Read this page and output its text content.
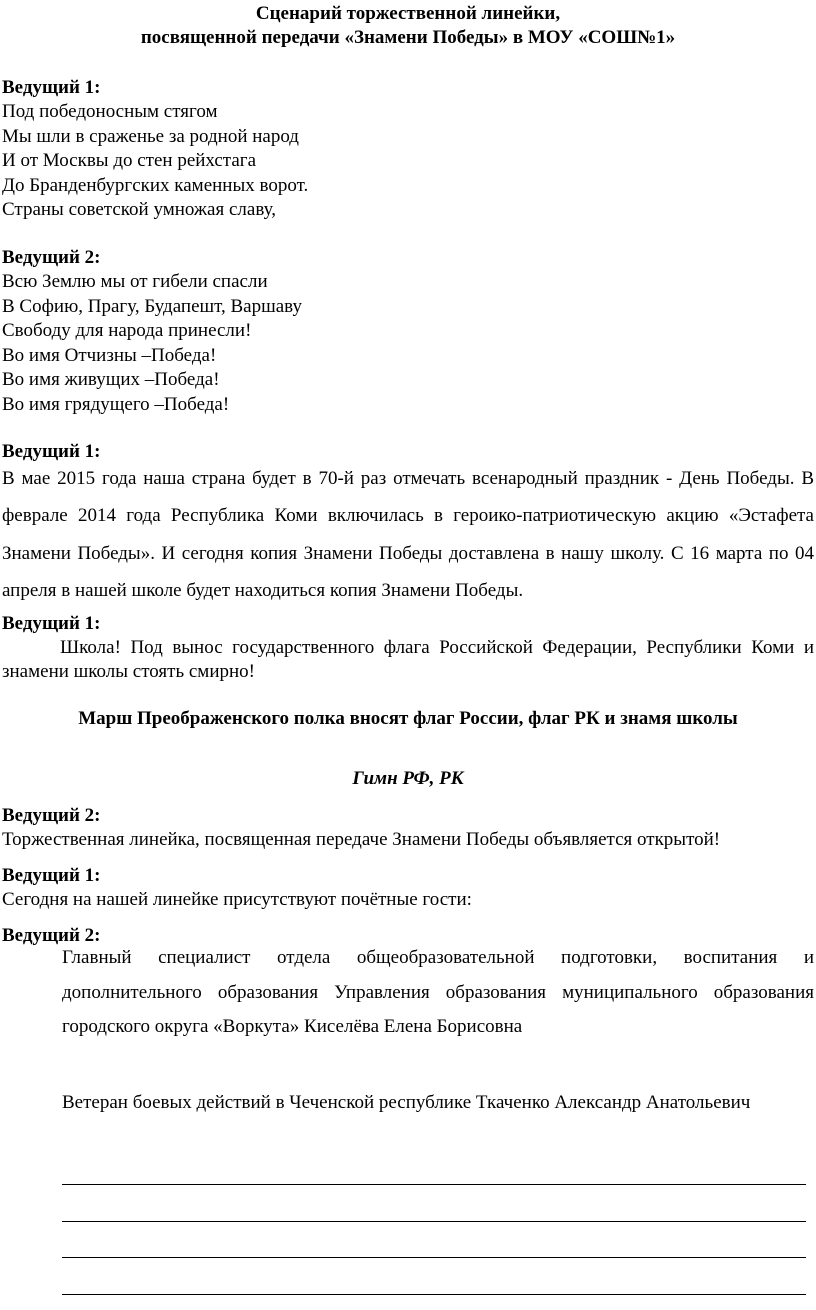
Сценарий торжественной линейки,
посвященной передачи «Знамени Победы» в МОУ «СОШ№1»
Ведущий 1:
Под победоносным стягом
Мы шли в сраженье за родной народ
И от Москвы до стен рейхстага
До Бранденбургских каменных ворот.
Страны советской умножая славу,
Ведущий 2:
Всю Землю мы от гибели спасли
В Софию, Прагу, Будапешт, Варшаву
Свободу для народа принесли!
Во имя Отчизны –Победа!
Во имя живущих –Победа!
Во имя грядущего –Победа!
Ведущий 1:
В мае 2015 года наша страна будет в 70-й раз отмечать всенародный праздник - День Победы. В феврале 2014 года Республика Коми включилась в героико-патриотическую акцию «Эстафета Знамени Победы». И сегодня копия Знамени Победы доставлена в нашу школу. С 16 марта по 04 апреля в нашей школе будет находиться копия Знамени Победы.
Ведущий 1:
Школа! Под вынос государственного флага Российской Федерации, Республики Коми и знамени школы стоять смирно!
Марш Преображенского полка вносят флаг России, флаг РК и знамя школы
Гимн РФ, РК
Ведущий 2:
Торжественная линейка, посвященная передаче Знамени Победы объявляется открытой!
Ведущий 1:
Сегодня на нашей линейке присутствуют почётные гости:
Ведущий 2:
Главный специалист отдела общеобразовательной подготовки, воспитания и дополнительного образования Управления образования муниципального образования городского округа «Воркута» Киселёва Елена Борисовна
Ветеран боевых действий в Чеченской республике Ткаченко Александр Анатольевич
